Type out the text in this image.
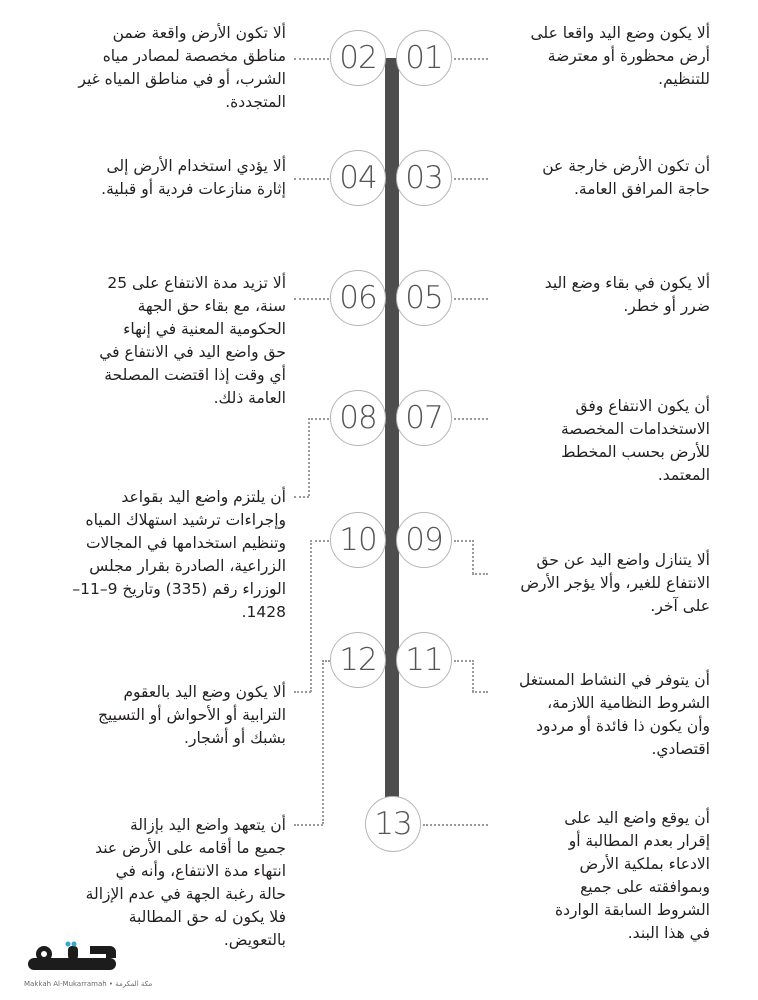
01
02
03
04
05
06
07
08
09
10
11
12
13
ألا يكون وضع اليد واقعا على
أرض محظورة أو معترضة
للتنظيم.
أن تكون الأرض خارجة عن
حاجة المرافق العامة.
ألا يكون في بقاء وضع اليد
ضرر أو خطر.
أن يكون الانتفاع وفق
الاستخدامات المخصصة
للأرض بحسب المخطط
المعتمد.
ألا يتنازل واضع اليد عن حق
الانتفاع للغير، وألا يؤجر الأرض
على آخر.
أن يتوفر في النشاط المستغل
الشروط النظامية اللازمة،
وأن يكون ذا فائدة أو مردود
اقتصادي.
أن يوقع واضع اليد على
إقرار بعدم المطالبة أو
الادعاء بملكية الأرض
وبموافقته على جميع
الشروط السابقة الواردة
في هذا البند.
ألا تكون الأرض واقعة ضمن
مناطق مخصصة لمصادر مياه
الشرب، أو في مناطق المياه غير
المتجددة.
ألا يؤدي استخدام الأرض إلى
إثارة منازعات فردية أو قبلية.
ألا تزيد مدة الانتفاع على 25
سنة، مع بقاء حق الجهة
الحكومية المعنية في إنهاء
حق واضع اليد في الانتفاع في
أي وقت إذا اقتضت المصلحة
العامة ذلك.
أن يلتزم واضع اليد بقواعد
وإجراءات ترشيد استهلاك المياه
وتنظيم استخدامها في المجالات
الزراعية، الصادرة بقرار مجلس
الوزراء رقم (335) وتاريخ 9–11–
1428.
ألا يكون وضع اليد بالعقوم
الترابية أو الأحواش أو التسييج
بشبك أو أشجار.
أن يتعهد واضع اليد بإزالة
جميع ما أقامه على الأرض عند
انتهاء مدة الانتفاع، وأنه في
حالة رغبة الجهة في عدم الإزالة
فلا يكون له حق المطالبة
بالتعويض.
Makkah Al-Mukarramah • مكة المكرمة
